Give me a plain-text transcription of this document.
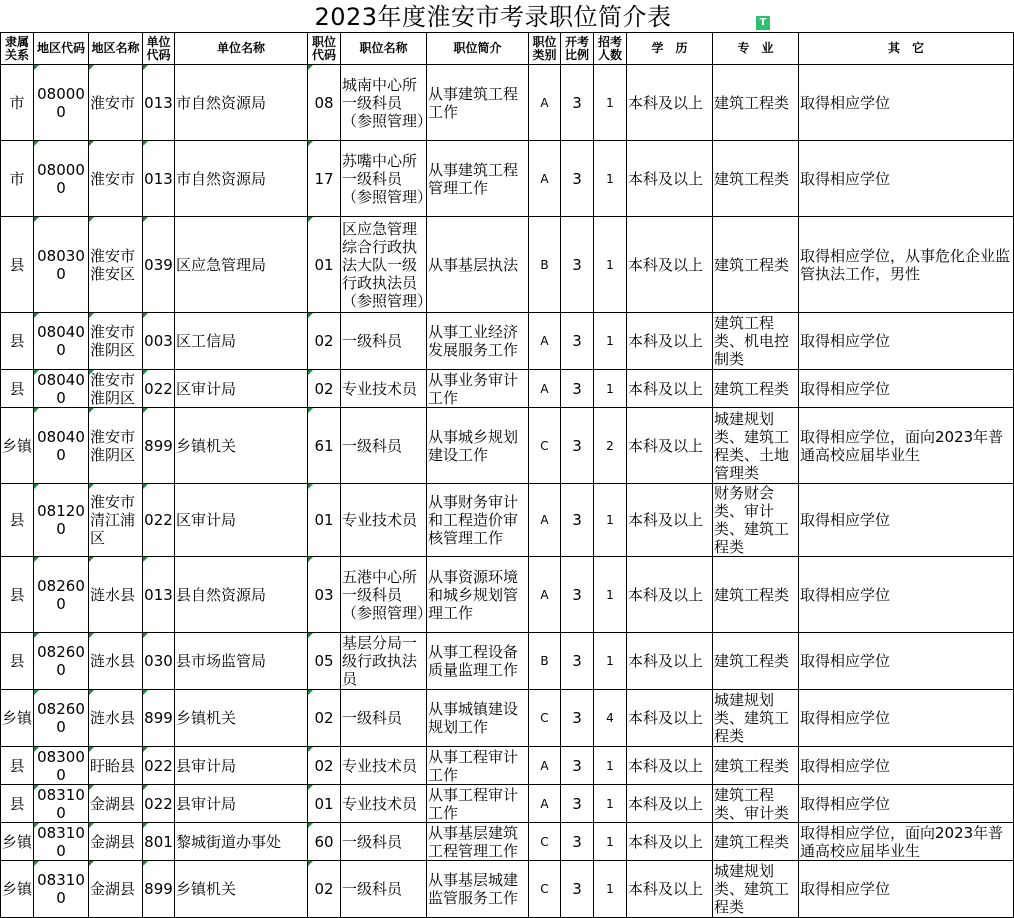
2023年度淮安市考录职位简介表	T
隶属关系	地区代码	地区名称	单位代码	单位名称	职位代码	职位名称	职位简介	职位类别	开考比例	招考人数	学　历	专　业	其　它
市	080000	淮安市	013	市自然资源局	08	城南中心所一级科员（参照管理）	从事建筑工程工作	A	3	1	本科及以上	建筑工程类	取得相应学位
市	080000	淮安市	013	市自然资源局	17	苏嘴中心所一级科员（参照管理）	从事建筑工程管理工作	A	3	1	本科及以上	建筑工程类	取得相应学位
县	080300	淮安市淮安区	039	区应急管理局	01	区应急管理综合行政执法大队一级行政执法员（参照管理）	从事基层执法	B	3	1	本科及以上	建筑工程类	取得相应学位，从事危化企业监管执法工作，男性
县	080400	淮安市淮阴区	003	区工信局	02	一级科员	从事工业经济发展服务工作	A	3	1	本科及以上	建筑工程类、机电控制类	取得相应学位
县	080400	淮安市淮阴区	022	区审计局	02	专业技术员	从事业务审计工作	A	3	1	本科及以上	建筑工程类	取得相应学位
乡镇	080400	淮安市淮阴区	899	乡镇机关	61	一级科员	从事城乡规划建设工作	C	3	2	本科及以上	城建规划类、建筑工程类、土地管理类	取得相应学位，面向2023年普通高校应届毕业生
县	081200	淮安市清江浦区	022	区审计局	01	专业技术员	从事财务审计和工程造价审核管理工作	A	3	1	本科及以上	财务财会类、审计类、建筑工程类	取得相应学位
县	082600	涟水县	013	县自然资源局	03	五港中心所一级科员（参照管理）	从事资源环境和城乡规划管理工作	A	3	1	本科及以上	建筑工程类	取得相应学位
县	082600	涟水县	030	县市场监管局	05	基层分局一级行政执法员	从事工程设备质量监理工作	B	3	1	本科及以上	建筑工程类	取得相应学位
乡镇	082600	涟水县	899	乡镇机关	02	一级科员	从事城镇建设规划工作	C	3	4	本科及以上	城建规划类、建筑工程类	取得相应学位
县	083000	盱眙县	022	县审计局	02	专业技术员	从事工程审计工作	A	3	1	本科及以上	建筑工程类	取得相应学位
县	083100	金湖县	022	县审计局	01	专业技术员	从事工程审计工作	A	3	1	本科及以上	建筑工程类、审计类	取得相应学位
乡镇	083100	金湖县	801	黎城街道办事处	60	一级科员	从事基层建筑工程管理工作	C	3	1	本科及以上	建筑工程类	取得相应学位，面向2023年普通高校应届毕业生
乡镇	083100	金湖县	899	乡镇机关	02	一级科员	从事基层城建监管服务工作	C	3	1	本科及以上	城建规划类、建筑工程类	取得相应学位
